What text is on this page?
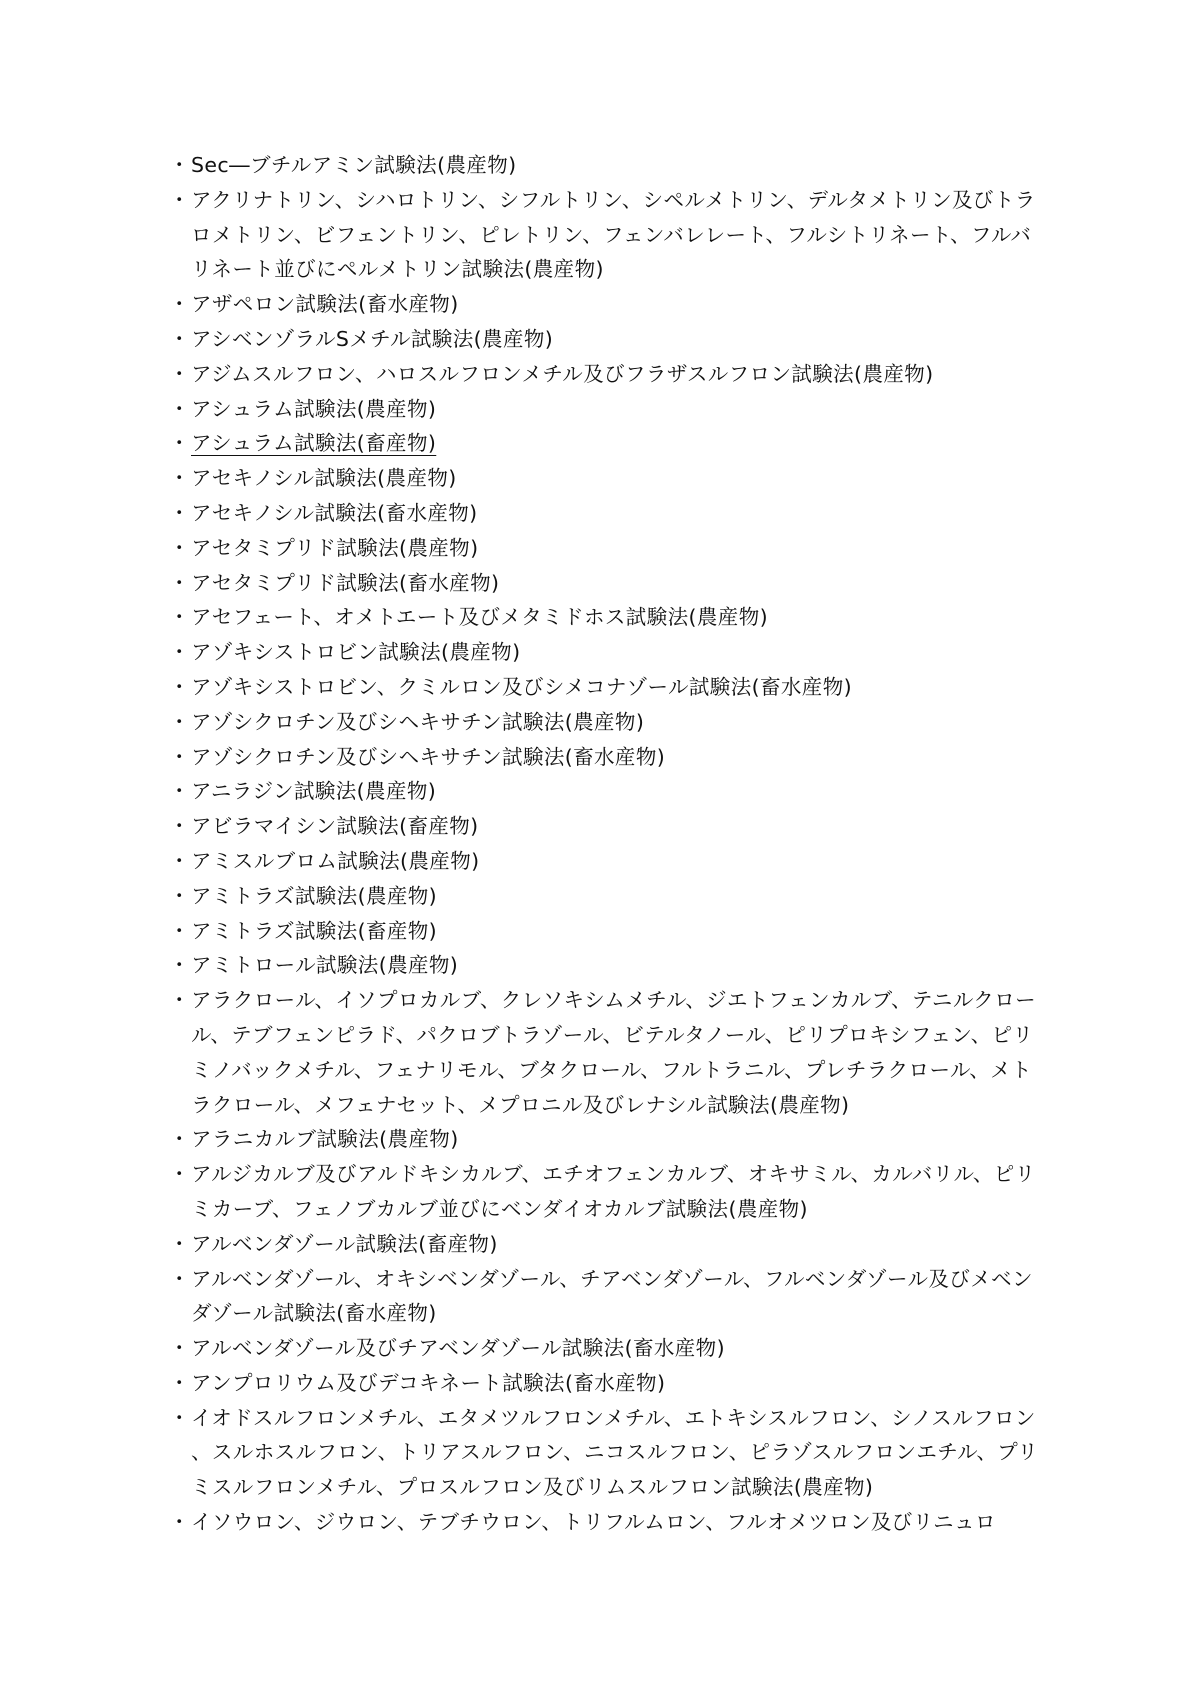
・ Sec―ブチルアミン試験法(農産物)
・ アクリナトリン、シハロトリン、シフルトリン、シペルメトリン、デルタメトリン及びトラロメトリン、ビフェントリン、ピレトリン、フェンバレレート、フルシトリネート、フルバリネート並びにペルメトリン試験法(農産物)
・ アザペロン試験法(畜水産物)
・ アシベンゾラルSメチル試験法(農産物)
・ アジムスルフロン、ハロスルフロンメチル及びフラザスルフロン試験法(農産物)
・ アシュラム試験法(農産物)
・ アシュラム試験法(畜産物)
・ アセキノシル試験法(農産物)
・ アセキノシル試験法(畜水産物)
・ アセタミプリド試験法(農産物)
・ アセタミプリド試験法(畜水産物)
・ アセフェート、オメトエート及びメタミドホス試験法(農産物)
・ アゾキシストロビン試験法(農産物)
・ アゾキシストロビン、クミルロン及びシメコナゾール試験法(畜水産物)
・ アゾシクロチン及びシヘキサチン試験法(農産物)
・ アゾシクロチン及びシヘキサチン試験法(畜水産物)
・ アニラジン試験法(農産物)
・ アビラマイシン試験法(畜産物)
・ アミスルブロム試験法(農産物)
・ アミトラズ試験法(農産物)
・ アミトラズ試験法(畜産物)
・ アミトロール試験法(農産物)
・ アラクロール、イソプロカルブ、クレソキシムメチル、ジエトフェンカルブ、テニルクロール、テブフェンピラド、パクロブトラゾール、ビテルタノール、ピリプロキシフェン、ピリミノバックメチル、フェナリモル、ブタクロール、フルトラニル、プレチラクロール、メトラクロール、メフェナセット、メプロニル及びレナシル試験法(農産物)
・ アラニカルブ試験法(農産物)
・ アルジカルブ及びアルドキシカルブ、エチオフェンカルブ、オキサミル、カルバリル、ピリミカーブ、フェノブカルブ並びにベンダイオカルブ試験法(農産物)
・ アルベンダゾール試験法(畜産物)
・ アルベンダゾール、オキシベンダゾール、チアベンダゾール、フルベンダゾール及びメベンダゾール試験法(畜水産物)
・ アルベンダゾール及びチアベンダゾール試験法(畜水産物)
・ アンプロリウム及びデコキネート試験法(畜水産物)
・ イオドスルフロンメチル、エタメツルフロンメチル、エトキシスルフロン、シノスルフロン、スルホスルフロン、トリアスルフロン、ニコスルフロン、ピラゾスルフロンエチル、プリミスルフロンメチル、プロスルフロン及びリムスルフロン試験法(農産物)
・ イソウロン、ジウロン、テブチウロン、トリフルムロン、フルオメツロン及びリニュロ
